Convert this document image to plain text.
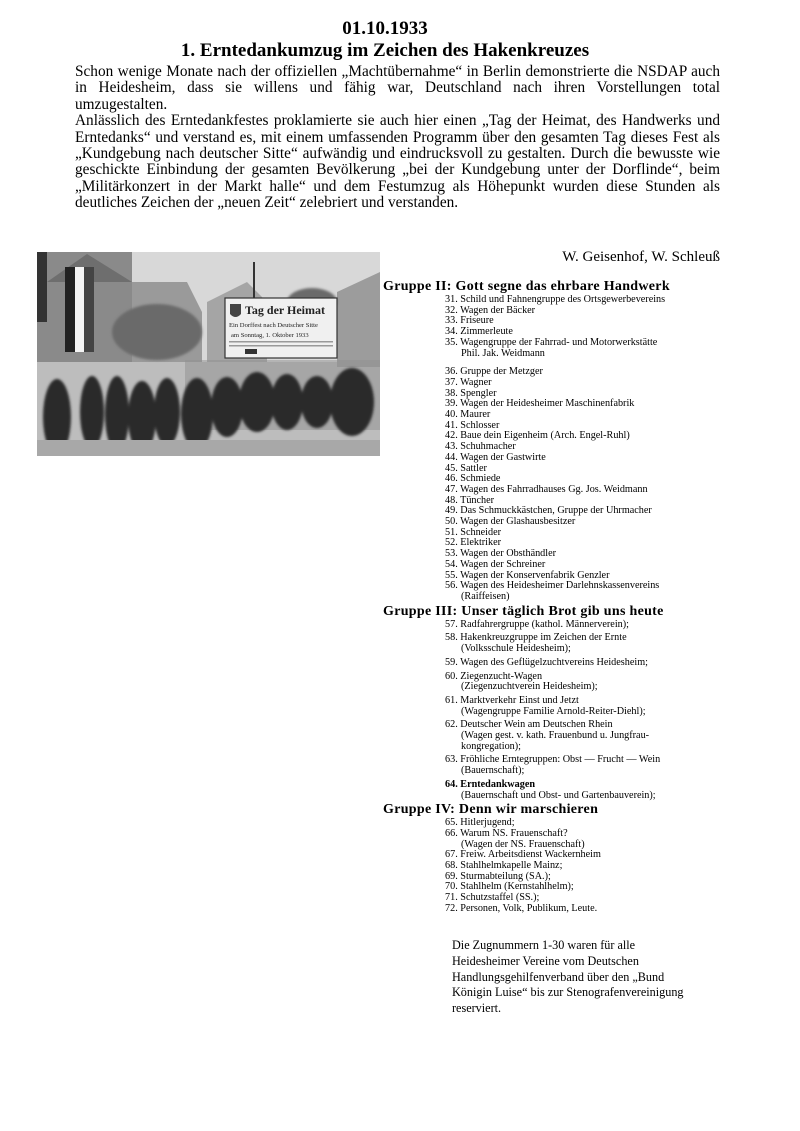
01.10.1933
1. Erntedankumzug im Zeichen des Hakenkreuzes

Schon wenige Monate nach der offiziellen „Machtübernahme“ in Berlin demonstrierte die NSDAP auch in Heidesheim, dass sie willens und fähig war, Deutschland nach ihren Vorstellungen total umzugestalten.

Anlässlich des Erntedankfestes proklamierte sie auch hier einen „Tag der Heimat, des Handwerks und Erntedanks“ und verstand es, mit einem umfassenden Programm über den gesamten Tag dieses Fest als „Kundgebung nach deutscher Sitte“ aufwändig und eindrucksvoll zu gestalten. Durch die bewusste wie geschickte Einbindung der gesamten Bevölkerung „bei der Kundgebung unter der Dorflinde“, beim „Militärkonzert in der Markt halle“ und dem Festumzug als Höhepunkt wurden diese Stunden als deutliches Zeichen der „neuen Zeit“ zelebriert und verstanden.

W. Geisenhof, W. Schleuß
Tag der Heimat
Ein Dorffest nach Deutscher Sitte
am Sonntag, 1. Oktober 1933
Gruppe II: Gott segne das ehrbare Handwerk
31. Schild und Fahnengruppe des Ortsgewerbevereins
32. Wagen der Bäcker
33. Friseure
34. Zimmerleute
35. Wagengruppe der Fahrrad- und Motorwerkstätte
Phil. Jak. Weidmann
36. Gruppe der Metzger
37. Wagner
38. Spengler
39. Wagen der Heidesheimer Maschinenfabrik
40. Maurer
41. Schlosser
42. Baue dein Eigenheim (Arch. Engel-Ruhl)
43. Schuhmacher
44. Wagen der Gastwirte
45. Sattler
46. Schmiede
47. Wagen des Fahrradhauses Gg. Jos. Weidmann
48. Tüncher
49. Das Schmuckkästchen, Gruppe der Uhrmacher
50. Wagen der Glashausbesitzer
51. Schneider
52. Elektriker
53. Wagen der Obsthändler
54. Wagen der Schreiner
55. Wagen der Konservenfabrik Genzler
56. Wagen des Heidesheimer Darlehnskassenvereins
(Raiffeisen)
Gruppe III: Unser täglich Brot gib uns heute
57. Radfahrergruppe (kathol. Männerverein);
58. Hakenkreuzgruppe im Zeichen der Ernte
(Volksschule Heidesheim);
59. Wagen des Geflügelzuchtvereins Heidesheim;
60. Ziegenzucht-Wagen
(Ziegenzuchtverein Heidesheim);
61. Marktverkehr Einst und Jetzt
(Wagengruppe Familie Arnold-Reiter-Diehl);
62. Deutscher Wein am Deutschen Rhein
(Wagen gest. v. kath. Frauenbund u. Jungfrau-
kongregation);
63. Fröhliche Erntegruppen: Obst — Frucht — Wein
(Bauernschaft);
64. Erntedankwagen
(Bauernschaft und Obst- und Gartenbauverein);
Gruppe IV: Denn wir marschieren
65. Hitlerjugend;
66. Warum NS. Frauenschaft?
(Wagen der NS. Frauenschaft)
67. Freiw. Arbeitsdienst Wackernheim
68. Stahlhelmkapelle Mainz;
69. Sturmabteilung (SA.);
70. Stahlhelm (Kernstahlhelm);
71. Schutzstaffel (SS.);
72. Personen, Volk, Publikum, Leute.
Die Zugnummern 1-30 waren für alle Heidesheimer Vereine vom Deutschen Handlungsgehilfenverband über den „Bund Königin Luise“ bis zur Stenografenvereinigung reserviert.
